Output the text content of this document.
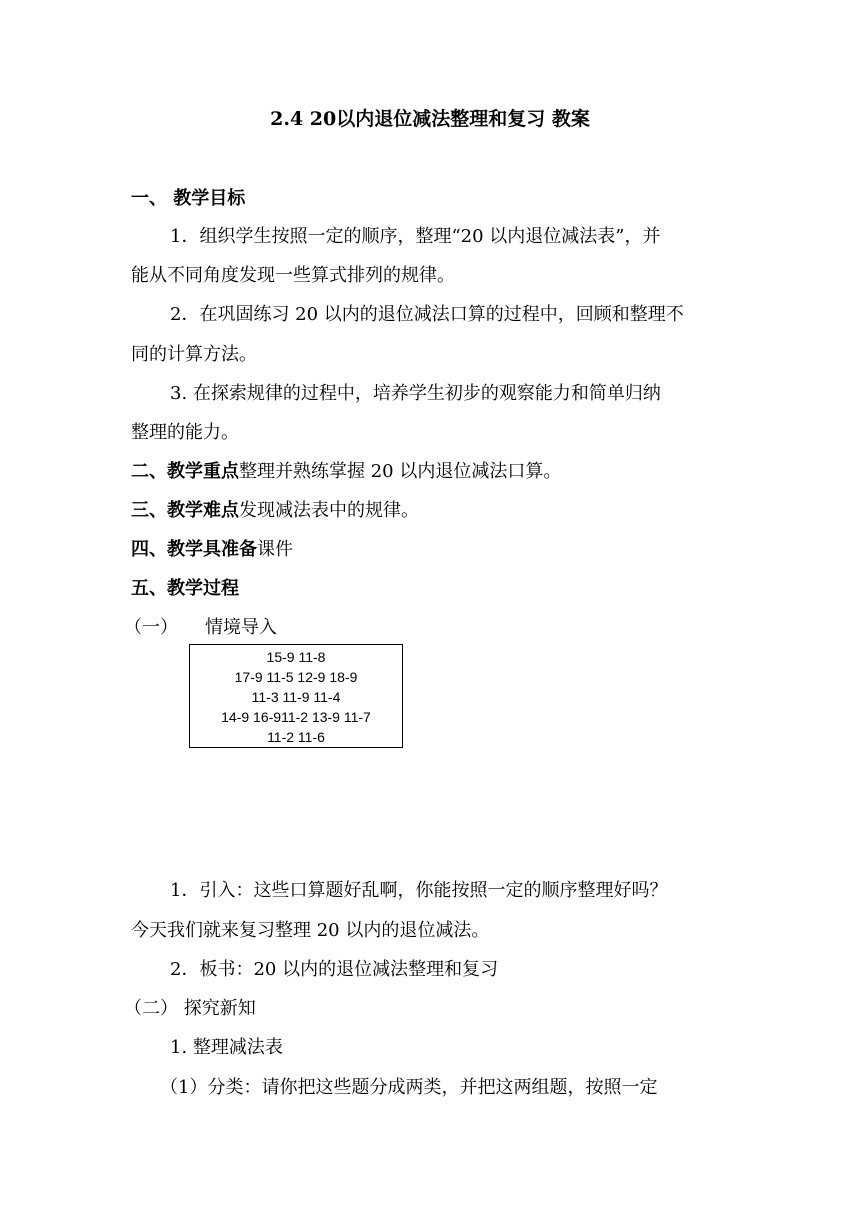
2.4 20以内退位减法整理和复习 教案
一、 教学目标
1．组织学生按照一定的顺序，整理“20 以内退位减法表”，并
能从不同角度发现一些算式排列的规律。
2．在巩固练习 20 以内的退位减法口算的过程中，回顾和整理不
同的计算方法。
3. 在探索规律的过程中，培养学生初步的观察能力和简单归纳
整理的能力。
二、教学重点整理并熟练掌握 20 以内退位减法口算。
三、教学难点发现减法表中的规律。
四、教学具准备课件
五、教学过程
（一）　　情境导入
15-9 11-8
17-9 11-5 12-9 18-9
11-3 11-9 11-4
14-9 16-911-2 13-9 11-7
11-2 11-6
1．引入：这些口算题好乱啊，你能按照一定的顺序整理好吗？
今天我们就来复习整理 20 以内的退位减法。
2．板书：20 以内的退位减法整理和复习
（二） 探究新知
1. 整理减法表
（1）分类：请你把这些题分成两类，并把这两组题，按照一定
